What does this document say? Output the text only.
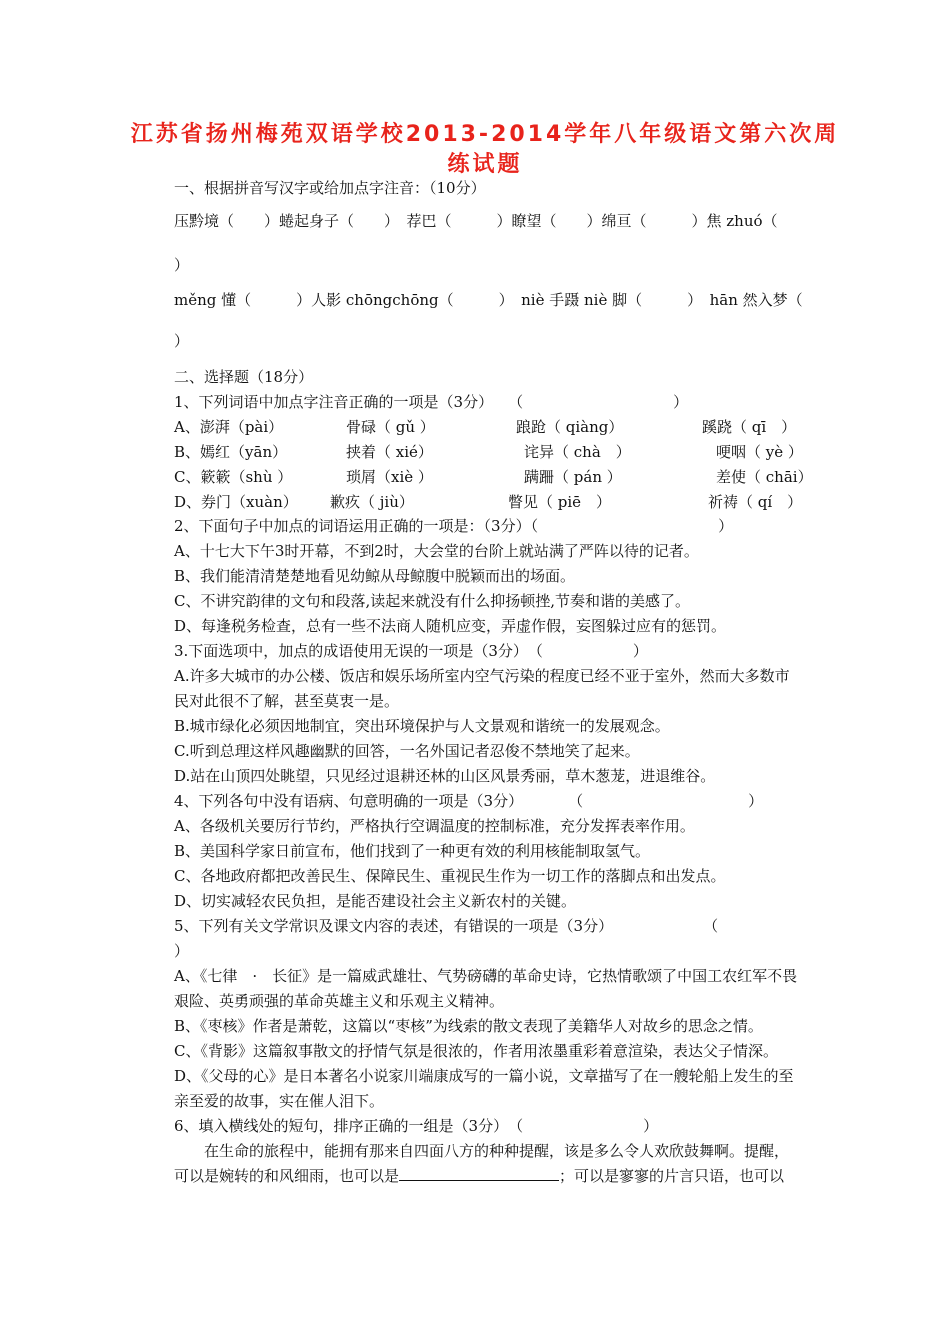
江苏省扬州梅苑双语学校2013-2014学年八年级语文第六次周
练试题
一、根据拼音写汉字或给加点字注音：（10分）
压黔境（　　）蜷起身子（　　）　荐巴（　　　）瞭望（　　）绵亘（　　　）焦 zhuó（
）
měng 懂（　　　）人影 chōngchōng（　　　）　niè 手蹑 niè 脚（　　　）　hān 然入梦（
）
二、选择题（18分）
1、下列词语中加点字注音正确的一项是（3分）　　（　　　　　　　　　　）
A、澎湃（pài）	骨碌（ gǔ ）	踉跄（ qiàng）	蹊跷（ qī　）
B、嫣红（yān）	挟着（ xié）	诧异（ chà　）	哽咽（ yè ）
C、簌簌（shù ）	琐屑（xiè ）	蹒跚（ pán ）	差使（ chāi）
D、券门（xuàn） 歉疚（ jiù）	瞥见（ piē　）	祈祷（ qí　）
2、下面句子中加点的词语运用正确的一项是：（3分）（　　　　　　　　　　　　）
A、十七大下午3时开幕，不到2时，大会堂的台阶上就站满了严阵以待的记者。
B、我们能清清楚楚地看见幼鲸从母鲸腹中脱颖而出的场面。
C、不讲究韵律的文句和段落,读起来就没有什么抑扬顿挫,节奏和谐的美感了。
D、每逢税务检查，总有一些不法商人随机应变，弄虚作假，妄图躲过应有的惩罚。
3.下面选项中，加点的成语使用无误的一项是（3分）　（　　　　　　）
A.许多大城市的办公楼、饭店和娱乐场所室内空气污染的程度已经不亚于室外，然而大多数市
民对此很不了解，甚至莫衷一是。
B.城市绿化必须因地制宜，突出环境保护与人文景观和谐统一的发展观念。
C.听到总理这样风趣幽默的回答，一名外国记者忍俊不禁地笑了起来。
D.站在山顶四处眺望，只见经过退耕还林的山区风景秀丽，草木葱茏，进退维谷。
4、下列各句中没有语病、句意明确的一项是（3分）　　　　（　　　　　　　　　　　）
A、各级机关要厉行节约，严格执行空调温度的控制标准，充分发挥表率作用。
B、美国科学家日前宣布，他们找到了一种更有效的利用核能制取氢气。
C、各地政府都把改善民生、保障民生、重视民生作为一切工作的落脚点和出发点。
D、切实减轻农民负担，是能否建设社会主义新农村的关键。
5、下列有关文学常识及课文内容的表述，有错误的一项是（3分）　　　　　　　（
）
A、《七律　·　长征》是一篇威武雄壮、气势磅礴的革命史诗，它热情歌颂了中国工农红军不畏
艰险、英勇顽强的革命英雄主义和乐观主义精神。
B、《枣核》作者是萧乾，这篇以“枣核”为线索的散文表现了美籍华人对故乡的思念之情。
C、《背影》这篇叙事散文的抒情气氛是很浓的，作者用浓墨重彩着意渲染，表达父子情深。
D、《父母的心》是日本著名小说家川端康成写的一篇小说，文章描写了在一艘轮船上发生的至
亲至爱的故事，实在催人泪下。
6、填入横线处的短句，排序正确的一组是（3分）　（　　　　　　　　）
　　在生命的旅程中，能拥有那来自四面八方的种种提醒，该是多么令人欢欣鼓舞啊。提醒，
可以是婉转的和风细雨，也可以是	；可以是寥寥的片言只语，也可以
